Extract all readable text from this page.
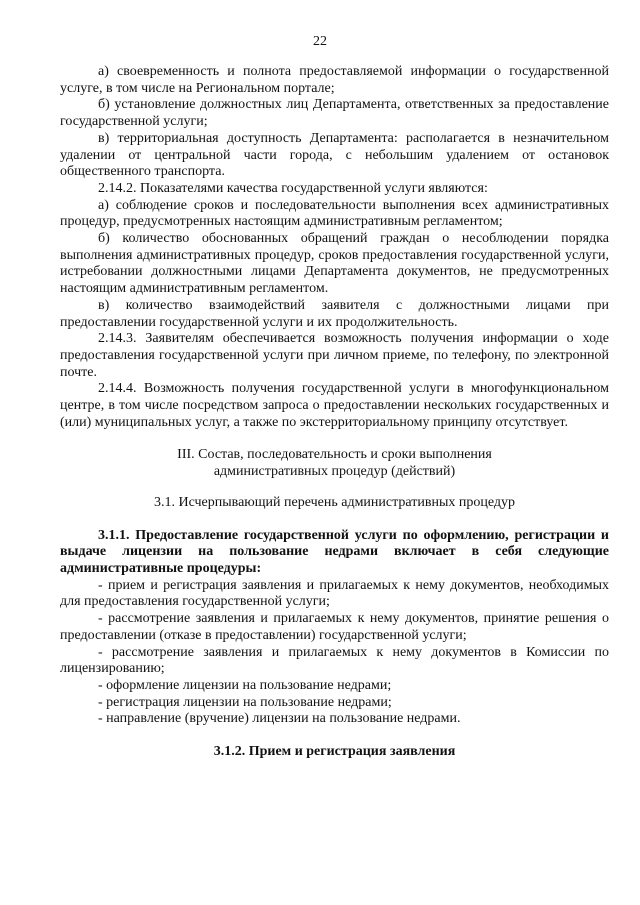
22

а) своевременность и полнота предоставляемой информации о государственной услуге, в том числе на Региональном портале;

б) установление должностных лиц Департамента, ответственных за предоставление государственной услуги;

в) территориальная доступность Департамента: располагается в незначительном удалении от центральной части города, с небольшим удалением от остановок общественного транспорта.

2.14.2. Показателями качества государственной услуги являются:

а) соблюдение сроков и последовательности выполнения всех административных процедур, предусмотренных настоящим административным регламентом;

б) количество обоснованных обращений граждан о несоблюдении порядка выполнения административных процедур, сроков предоставления государственной услуги, истребовании должностными лицами Департамента документов, не предусмотренных настоящим административным регламентом.

в) количество взаимодействий заявителя с должностными лицами при предоставлении государственной услуги и их продолжительность.

2.14.3. Заявителям обеспечивается возможность получения информации о ходе предоставления государственной услуги при личном приеме, по телефону, по электронной почте.

2.14.4. Возможность получения государственной услуги в многофункциональном центре, в том числе посредством запроса о предоставлении нескольких государственных и (или) муниципальных услуг, а также по экстерриториальному принципу отсутствует.

III. Состав, последовательность и сроки выполнения

административных процедур (действий)

3.1. Исчерпывающий перечень административных процедур

3.1.1. Предоставление государственной услуги по оформлению, регистрации и выдаче лицензии на пользование недрами включает в себя следующие административные процедуры:

- прием и регистрация заявления и прилагаемых к нему документов, необходимых для предоставления государственной услуги;

- рассмотрение заявления и прилагаемых к нему документов, принятие решения о предоставлении (отказе в предоставлении) государственной услуги;

- рассмотрение заявления и прилагаемых к нему документов в Комиссии по лицензированию;

- оформление лицензии на пользование недрами;

- регистрация лицензии на пользование недрами;

- направление (вручение) лицензии на пользование недрами.

3.1.2. Прием и регистрация заявления
